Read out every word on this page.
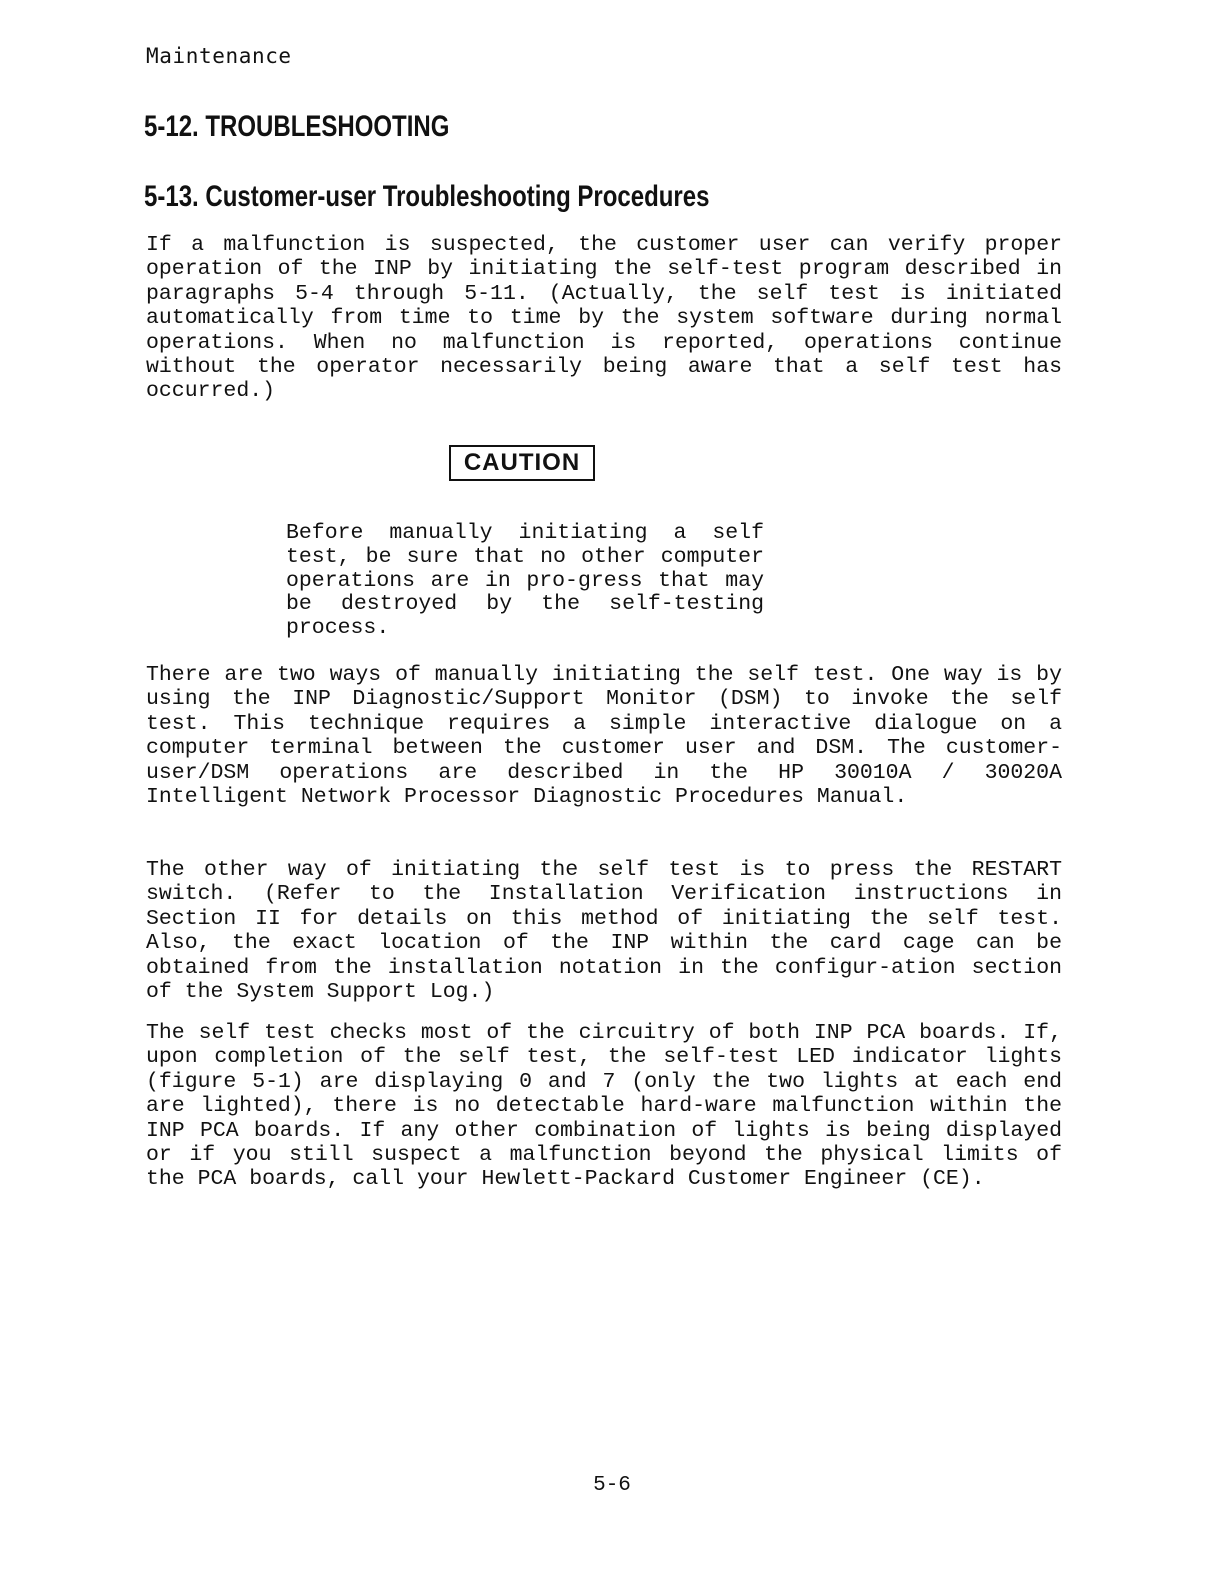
Maintenance

5-12. TROUBLESHOOTING
5-13. Customer-user Troubleshooting Procedures

If a malfunction is suspected, the customer user can verify proper operation of the INP by initiating the self-test program described in paragraphs 5-4 through 5-11. (Actually, the self test is initiated automatically from time to time by the system software during normal operations. When no malfunction is reported, operations continue without the operator necessarily being aware that a self test has occurred.)

CAUTION

Before manually initiating a self test, be sure that no other computer operations are in pro-gress that may be destroyed by the self-testing process.

There are two ways of manually initiating the self test. One way is by using the INP Diagnostic/Support Monitor (DSM) to invoke the self test. This technique requires a simple interactive dialogue on a computer terminal between the customer user and DSM. The customer-user/DSM operations are described in the HP 30010A / 30020A Intelligent Network Processor Diagnostic Procedures Manual.

The other way of initiating the self test is to press the RESTART switch. (Refer to the Installation Verification instructions in Section II for details on this method of initiating the self test. Also, the exact location of the INP within the card cage can be obtained from the installation notation in the configur-ation section of the System Support Log.)

The self test checks most of the circuitry of both INP PCA boards. If, upon completion of the self test, the self-test LED indicator lights (figure 5-1) are displaying 0 and 7 (only the two lights at each end are lighted), there is no detectable hard-ware malfunction within the INP PCA boards. If any other combination of lights is being displayed or if you still suspect a malfunction beyond the physical limits of the PCA boards, call your Hewlett-Packard Customer Engineer (CE).

5-6
